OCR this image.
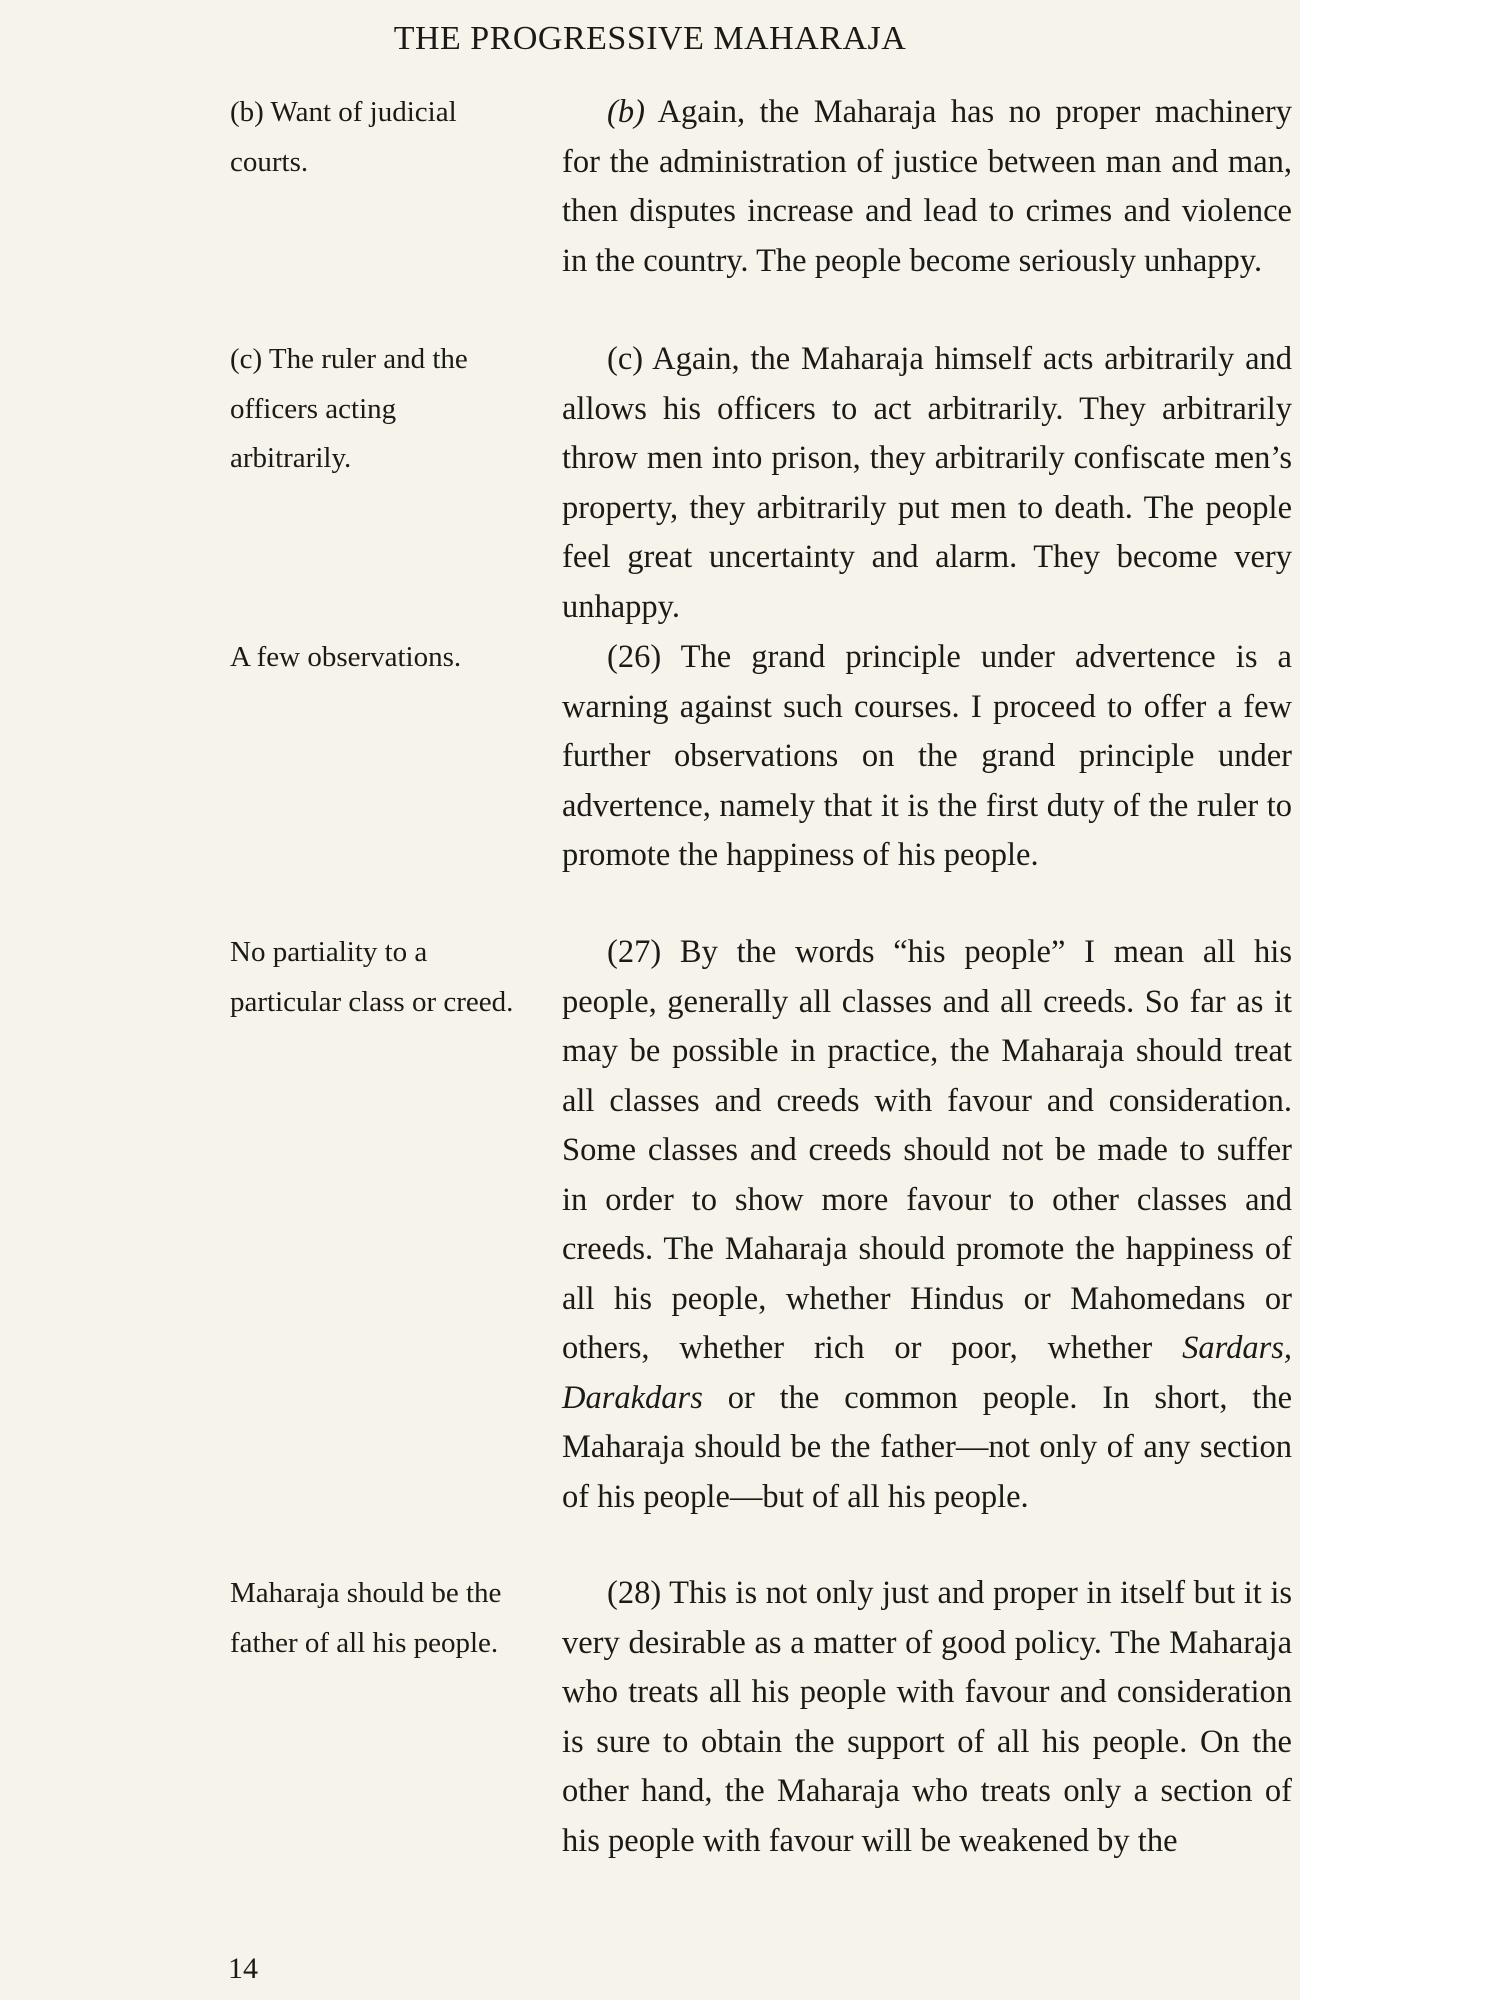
THE PROGRESSIVE MAHARAJA
(b) Want of judicial courts.
(c) The ruler and the officers acting arbitrarily.
A few observations.
No partiality to a particular class or creed.
Maharaja should be the father of all his people.
(b) Again, the Maharaja has no proper machinery for the administration of justice between man and man, then disputes increase and lead to crimes and violence in the country. The people become seriously unhappy.
(c) Again, the Maharaja himself acts arbitrarily and allows his officers to act arbitrarily. They arbitrarily throw men into prison, they arbitrarily confiscate men’s property, they arbitrarily put men to death. The people feel great uncertainty and alarm. They become very unhappy.
(26) The grand principle under advertence is a warning against such courses. I proceed to offer a few further observations on the grand principle under advertence, namely that it is the first duty of the ruler to promote the happiness of his people.
(27) By the words “his people” I mean all his people, generally all classes and all creeds. So far as it may be possible in practice, the Maharaja should treat all classes and creeds with favour and consideration. Some classes and creeds should not be made to suffer in order to show more favour to other classes and creeds. The Maharaja should promote the happiness of all his people, whether Hindus or Mahomedans or others, whether rich or poor, whether Sardars, Darakdars or the common people. In short, the Maharaja should be the father—not only of any section of his people—but of all his people.
(28) This is not only just and proper in itself but it is very desirable as a matter of good policy. The Maharaja who treats all his people with favour and consideration is sure to obtain the support of all his people. On the other hand, the Maharaja who treats only a section of his people with favour will be weakened by the
14
